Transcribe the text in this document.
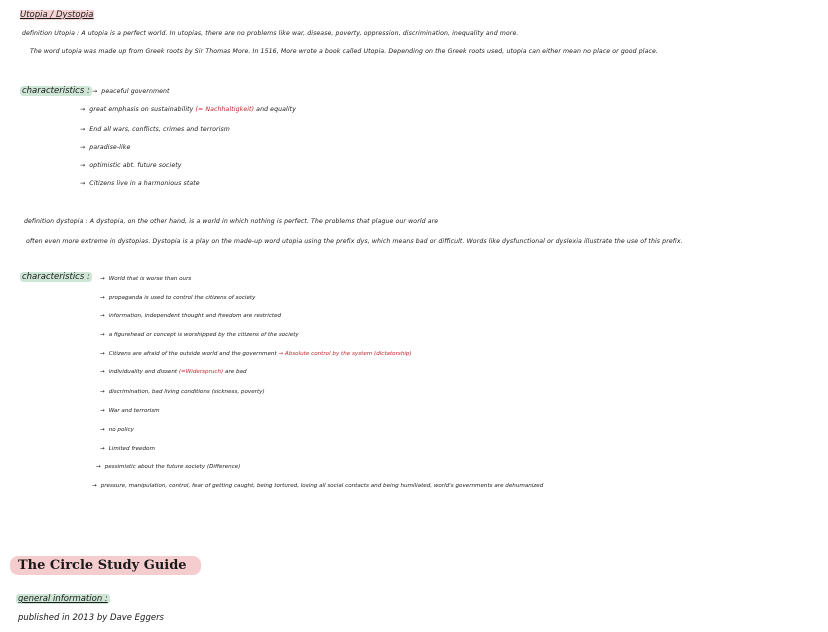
Utopia / Dystopia
definition Utopia : A utopia is a perfect world. In utopias, there are no problems like war, disease, poverty, oppression, discrimination, inequality and more.
The word utopia was made up from Greek roots by Sir Thomas More. In 1516, More wrote a book called Utopia. Depending on the Greek roots used, utopia can either mean no place or good place.
characteristics : → peaceful government
→ great emphasis on sustainability (= Nachhaltigkeit) and equality
→ End all wars, conflicts, crimes and terrorism
→ paradise-like
→ optimistic abt. future society
→ Citizens live in a harmonious state
definition dystopia : A dystopia, on the other hand, is a world in which nothing is perfect. The problems that plague our world are
often even more extreme in dystopias. Dystopia is a play on the made-up word utopia using the prefix dys, which means bad or difficult. Words like dysfunctional or dyslexia illustrate the use of this prefix.
characteristics :	→ World that is worse than ours
→ propaganda is used to control the citizens of society
→ information, independent thought and freedom are restricted
→ a figurehead or concept is worshipped by the citizens of the society
→ Citizens are afraid of the outside world and the government → Absolute control by the system (dictatorship)
→ individuality and dissent (=Widerspruch) are bad
→ discrimination, bad living conditions (sickness, poverty)
→ War and terrorism
→ no policy
→ Limited freedom
→ pessimistic about the future society (Difference)
→ pressure, manipulation, control, fear of getting caught, being tortured, losing all social contacts and being humiliated, world's governments are dehumanized
The Circle Study Guide
general information :
published in 2013 by Dave Eggers
